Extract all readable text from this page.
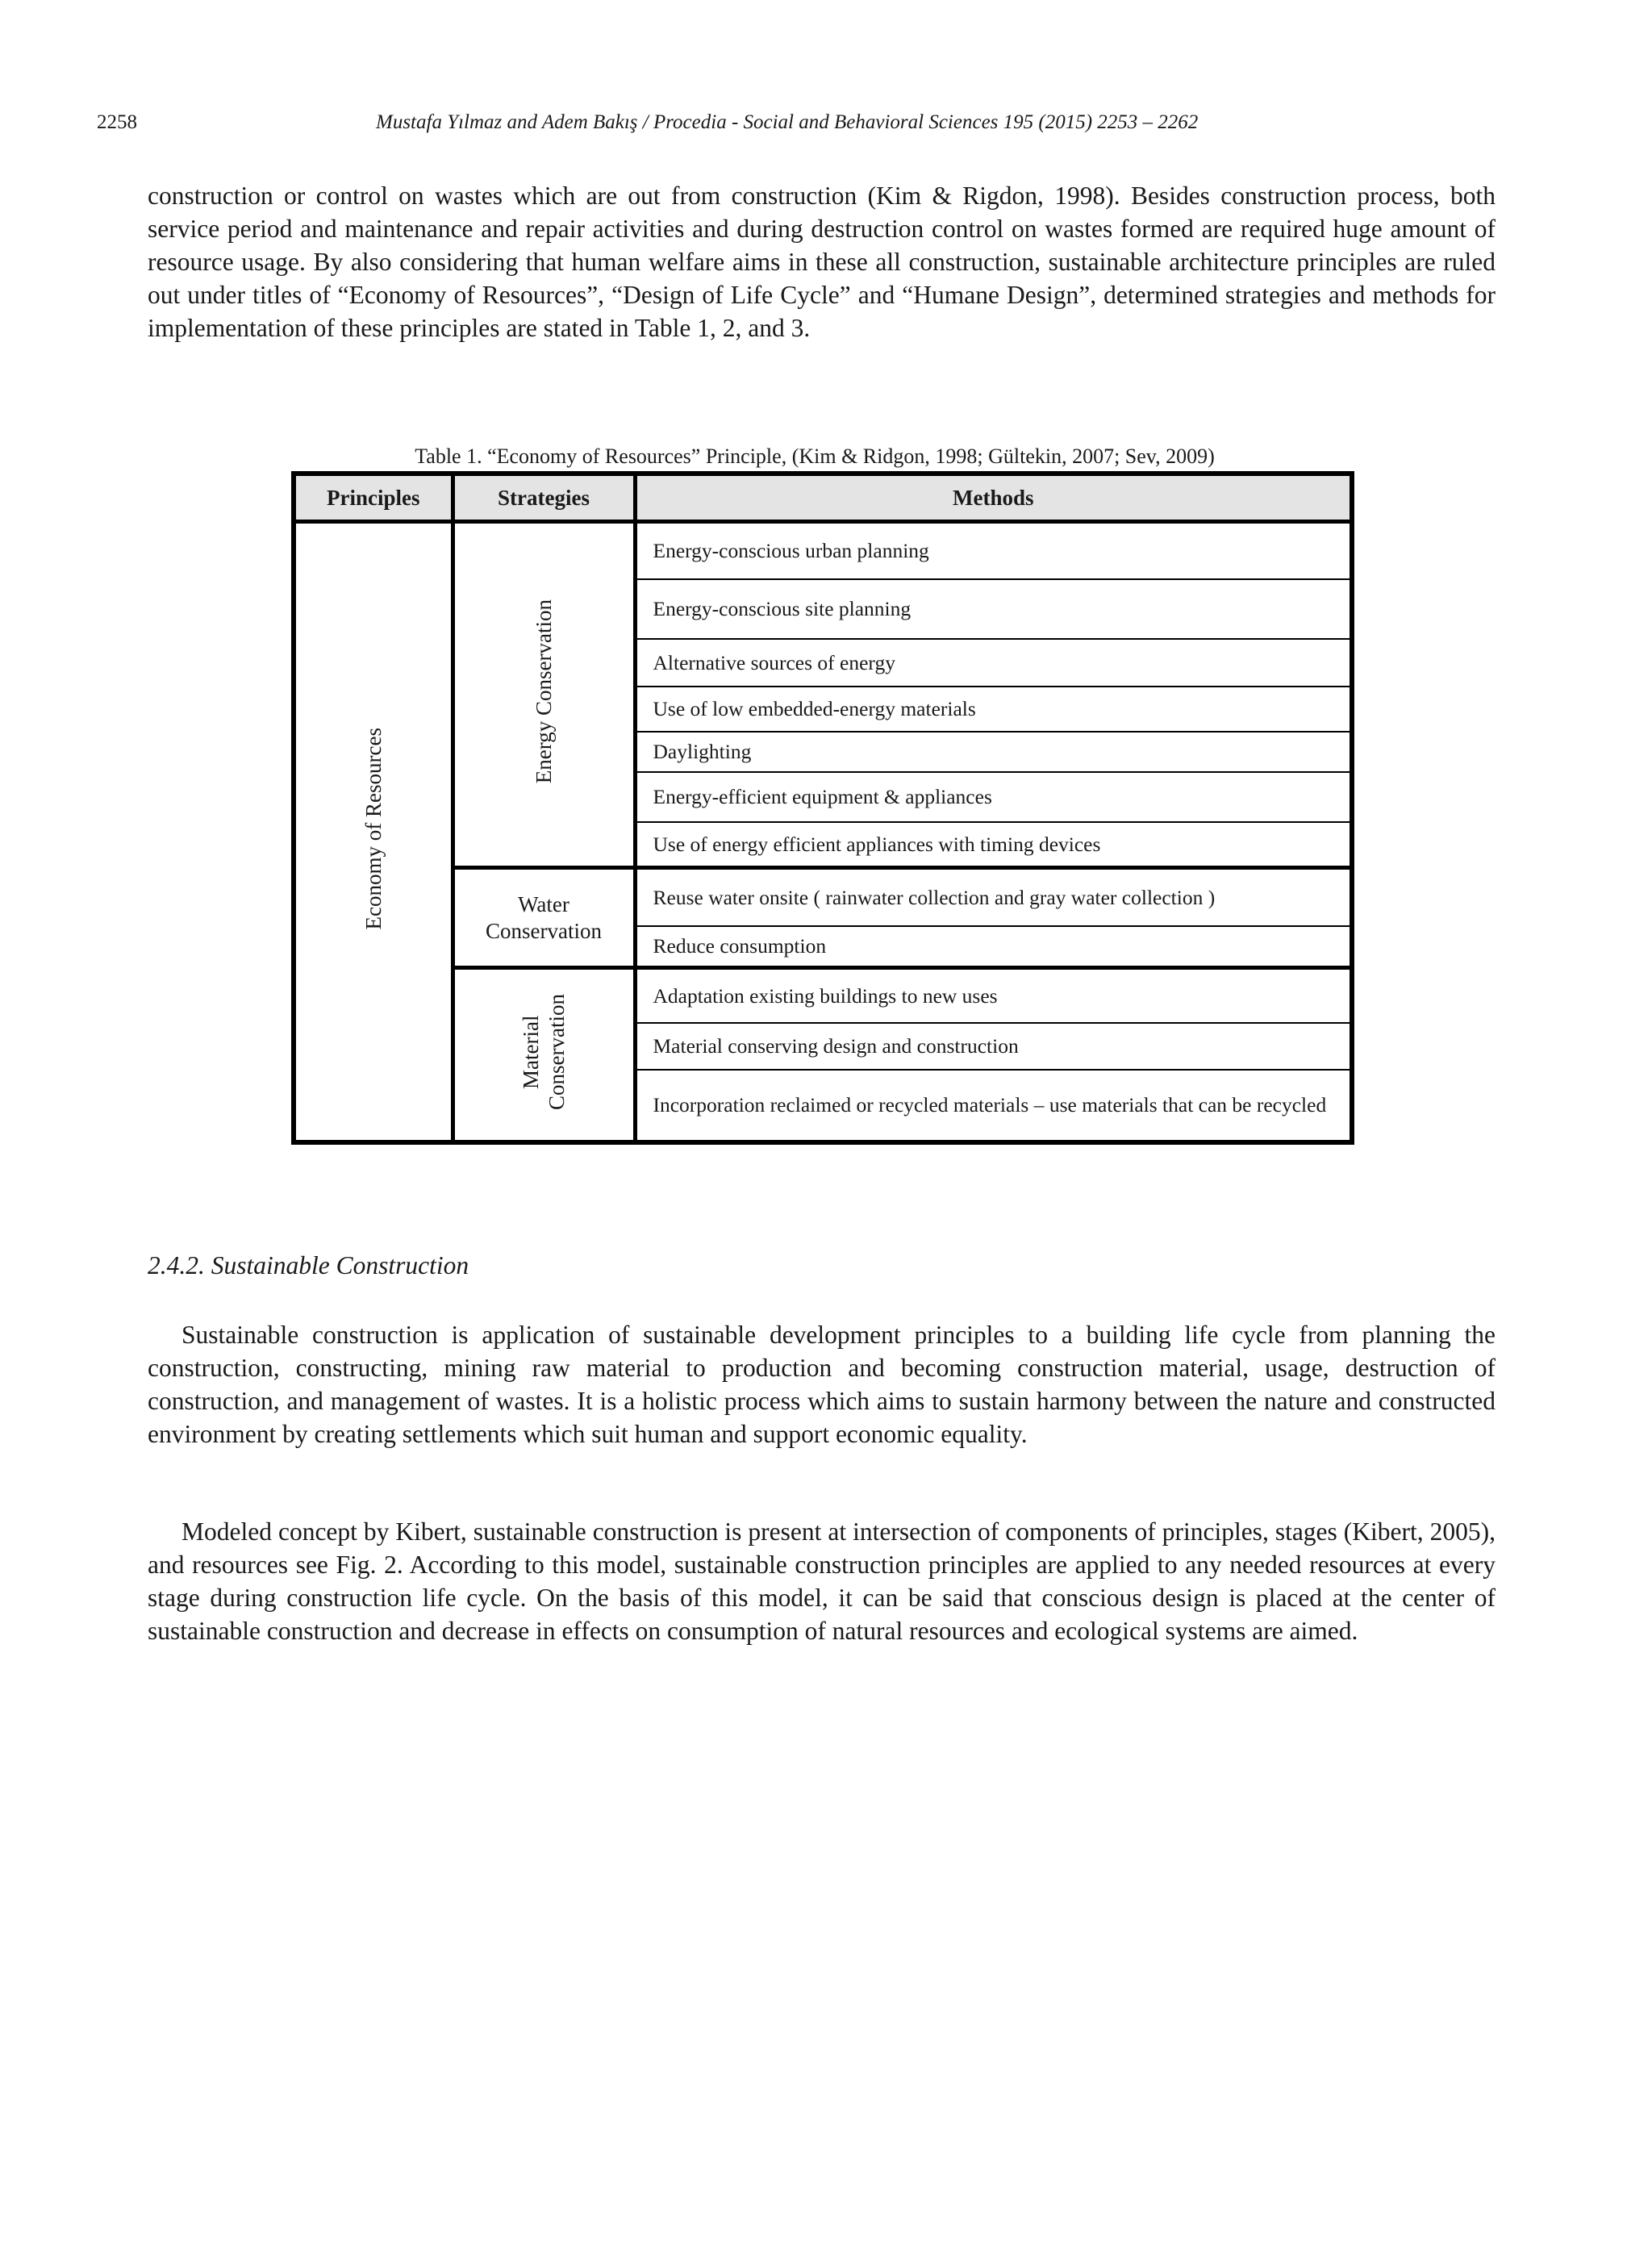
2258	Mustafa Yılmaz and Adem Bakış / Procedia - Social and Behavioral Sciences 195 (2015) 2253 – 2262

construction or control on wastes which are out from construction (Kim & Rigdon, 1998). Besides construction process, both service period and maintenance and repair activities and during destruction control on wastes formed are required huge amount of resource usage. By also considering that human welfare aims in these all construction, sustainable architecture principles are ruled out under titles of “Economy of Resources”, “Design of Life Cycle” and “Humane Design”, determined strategies and methods for implementation of these principles are stated in Table 1, 2, and 3.

Table 1. “Economy of Resources” Principle, (Kim & Ridgon, 1998; Gültekin, 2007; Sev, 2009)
Principles	Strategies	Methods
Economy of Resources	Energy Conservation	Energy-conscious urban planning
		Energy-conscious site planning
		Alternative sources of energy
		Use of low embedded-energy materials
		Daylighting
		Energy-efficient equipment & appliances
		Use of energy efficient appliances with timing devices
	Water Conservation	Reuse water onsite ( rainwater collection and gray water collection )
		Reduce consumption
	Material Conservation	Adaptation existing buildings to new uses
		Material conserving design and construction
		Incorporation reclaimed or recycled materials – use materials that can be recycled
2.4.2. Sustainable Construction

Sustainable construction is application of sustainable development principles to a building life cycle from planning the construction, constructing, mining raw material to production and becoming construction material, usage, destruction of construction, and management of wastes. It is a holistic process which aims to sustain harmony between the nature and constructed environment by creating settlements which suit human and support economic equality.

Modeled concept by Kibert, sustainable construction is present at intersection of components of principles, stages (Kibert, 2005), and resources see Fig. 2. According to this model, sustainable construction principles are applied to any needed resources at every stage during construction life cycle. On the basis of this model, it can be said that conscious design is placed at the center of sustainable construction and decrease in effects on consumption of natural resources and ecological systems are aimed.
